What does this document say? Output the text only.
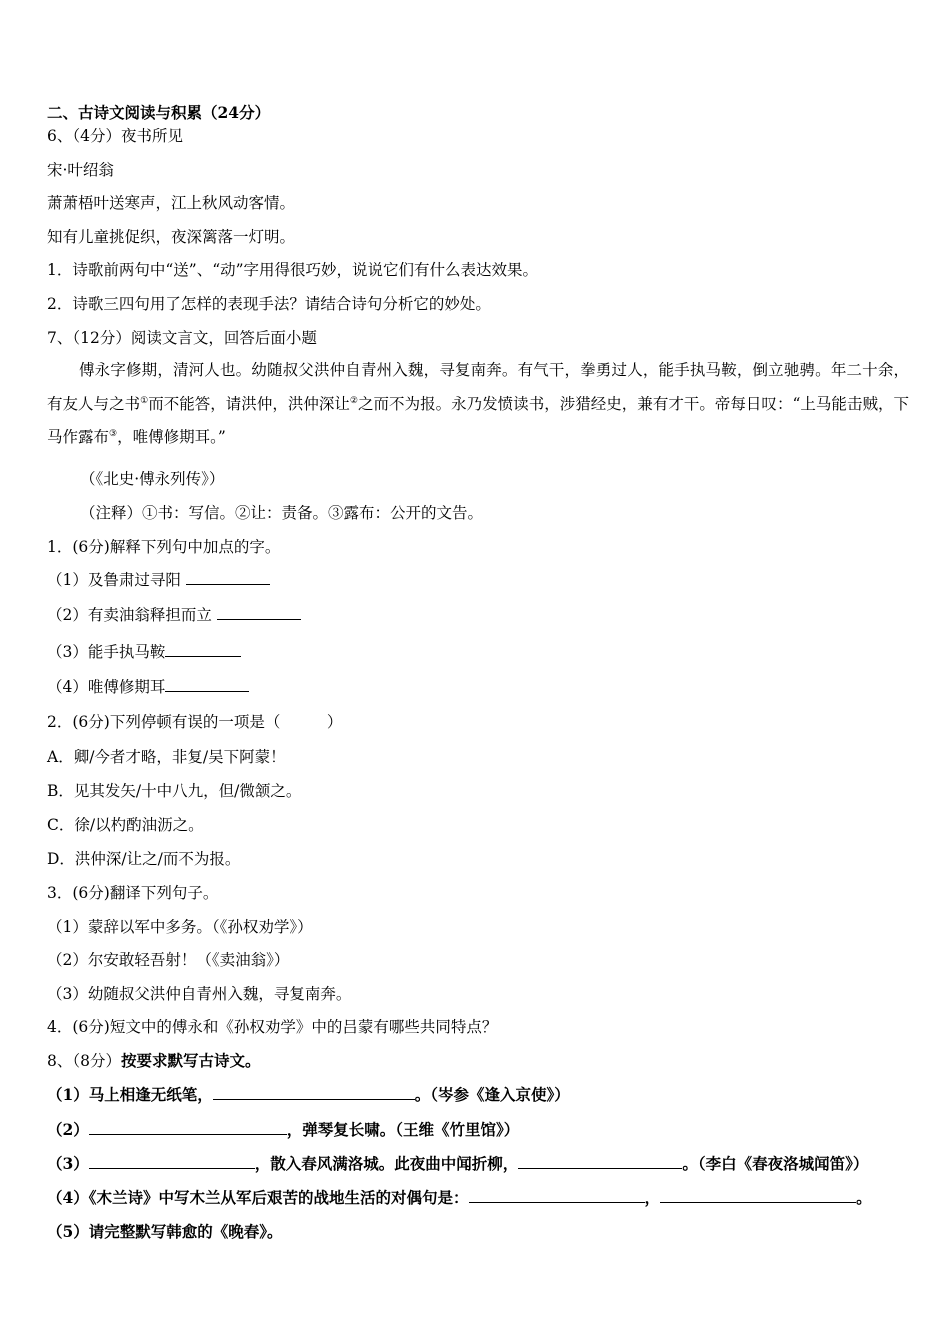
二、古诗文阅读与积累（24分）
6、（4分）夜书所见
宋·叶绍翁
萧萧梧叶送寒声，江上秋风动客情。
知有儿童挑促织，夜深篱落一灯明。
1．诗歌前两句中“送”、“动”字用得很巧妙，说说它们有什么表达效果。
2．诗歌三四句用了怎样的表现手法？请结合诗句分析它的妙处。
7、（12分）阅读文言文，回答后面小题
傅永字修期，清河人也。幼随叔父洪仲自青州入魏，寻复南奔。有气干，拳勇过人，能手执马鞍，倒立驰骋。年二十余，有友人与之书①而不能答，请洪仲，洪仲深让②之而不为报。永乃发愤读书，涉猎经史，兼有才干。帝每日叹：“上马能击贼，下马作露布③，唯傅修期耳。”
（《北史·傅永列传》）
（注释）①书：写信。②让：责备。③露布：公开的文告。
1．(6分)解释下列句中加点的字。
（1）及鲁肃过寻阳
（2）有卖油翁释担而立
（3）能手执马鞍
（4）唯傅修期耳
2．(6分)下列停顿有误的一项是（　　　）
A．卿/今者才略，非复/吴下阿蒙！
B．见其发矢/十中八九，但/微颔之。
C．徐/以杓酌油沥之。
D．洪仲深/让之/而不为报。
3．(6分)翻译下列句子。
（1）蒙辞以军中多务。（《孙权劝学》）
（2）尔安敢轻吾射！（《卖油翁》）
（3）幼随叔父洪仲自青州入魏，寻复南奔。
4．(6分)短文中的傅永和《孙权劝学》中的吕蒙有哪些共同特点？
8、（8分）按要求默写古诗文。
（1）马上相逢无纸笔，	。（岑参《逢入京使》）
（2）	，弹琴复长啸。（王维《竹里馆》）
（3）	，散入春风满洛城。此夜曲中闻折柳，	。（李白《春夜洛城闻笛》）
（4）《木兰诗》中写木兰从军后艰苦的战地生活的对偶句是：	，	。
（5）请完整默写韩愈的《晚春》。
